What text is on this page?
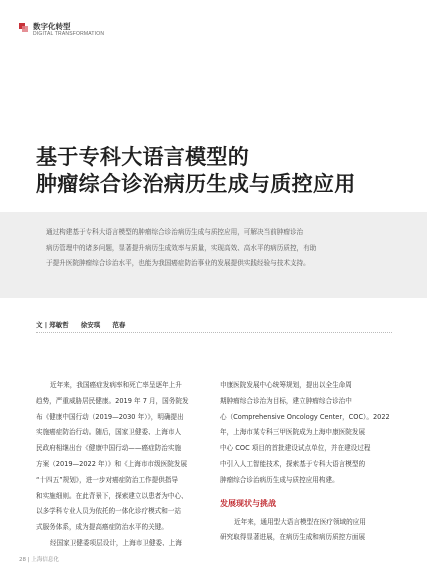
数字化转型
DIGITAL TRANSFORMATION
基于专科大语言模型的
肿瘤综合诊治病历生成与质控应用
通过构建基于专科大语言模型的肿瘤综合诊治病历生成与质控应用，可解决当前肿瘤诊治
病历管理中的诸多问题，显著提升病历生成效率与质量，实现高效、高水平的病历质控，有助
于提升医院肿瘤综合诊治水平，也能为我国癌症防治事业的发展提供实践经验与技术支持。
文 | 郑敏哲 徐安琪 范春

近年来，我国癌症发病率和死亡率呈逐年上升
趋势，严重威胁居民健康。2019 年 7 月，国务院发
布《健康中国行动（2019—2030 年）》，明确提出
实施癌症防治行动。随后，国家卫健委、上海市人
民政府相继出台《健康中国行动——癌症防治实施
方案（2019—2022 年）》和《上海市市级医院发展
“十四五”规划》，进一步对癌症防治工作提供指导
和实施细则。在此背景下，探索建立以患者为中心、
以多学科专业人员为依托的一体化诊疗模式和一站
式服务体系，成为提高癌症防治水平的关键。

经国家卫健委项层设计，上海市卫健委、上海

申康医院发展中心统筹规划，提出以全生命周
期肿瘤综合诊治为目标，建立肿瘤综合诊治中
心（Comprehensive Oncology Center，COC）。2022
年，上海市某专科三甲医院成为上海申康医院发展
中心 COC 项目的首批建设试点单位，并在建设过程
中引入人工智能技术，探索基于专科大语言模型的
肿瘤综合诊治病历生成与质控应用构建。

发展现状与挑战

近年来，通用型大语言模型在医疗领域的应用
研究取得显著进展，在病历生成和病历质控方面展

28 | 上海信息化
